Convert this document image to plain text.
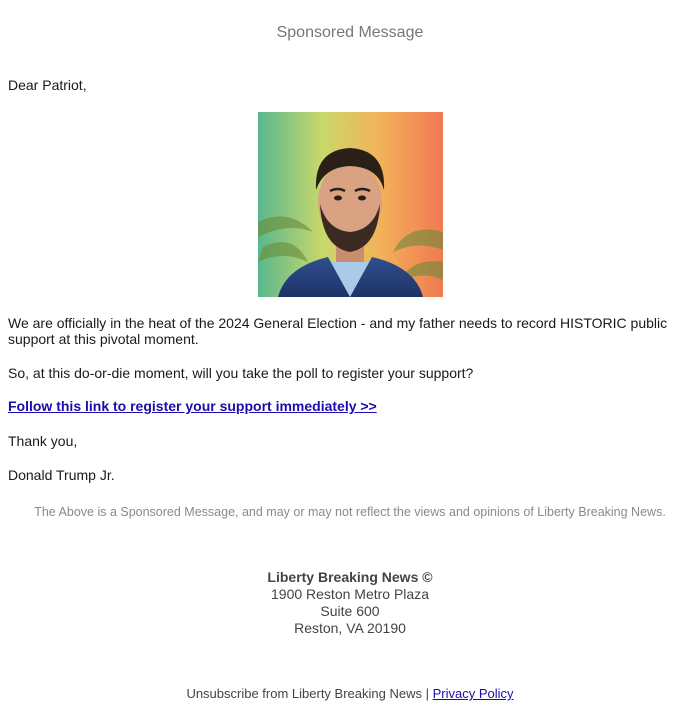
Sponsored Message
Dear Patriot,
We are officially in the heat of the 2024 General Election - and my father needs to record HISTORIC public support at this pivotal moment.
So, at this do-or-die moment, will you take the poll to register your support?
Follow this link to register your support immediately >>
Thank you,
Donald Trump Jr.
The Above is a Sponsored Message, and may or may not reflect the views and opinions of Liberty Breaking News.
Liberty Breaking News ©
1900 Reston Metro Plaza
Suite 600
Reston, VA 20190
Unsubscribe from Liberty Breaking News | Privacy Policy
